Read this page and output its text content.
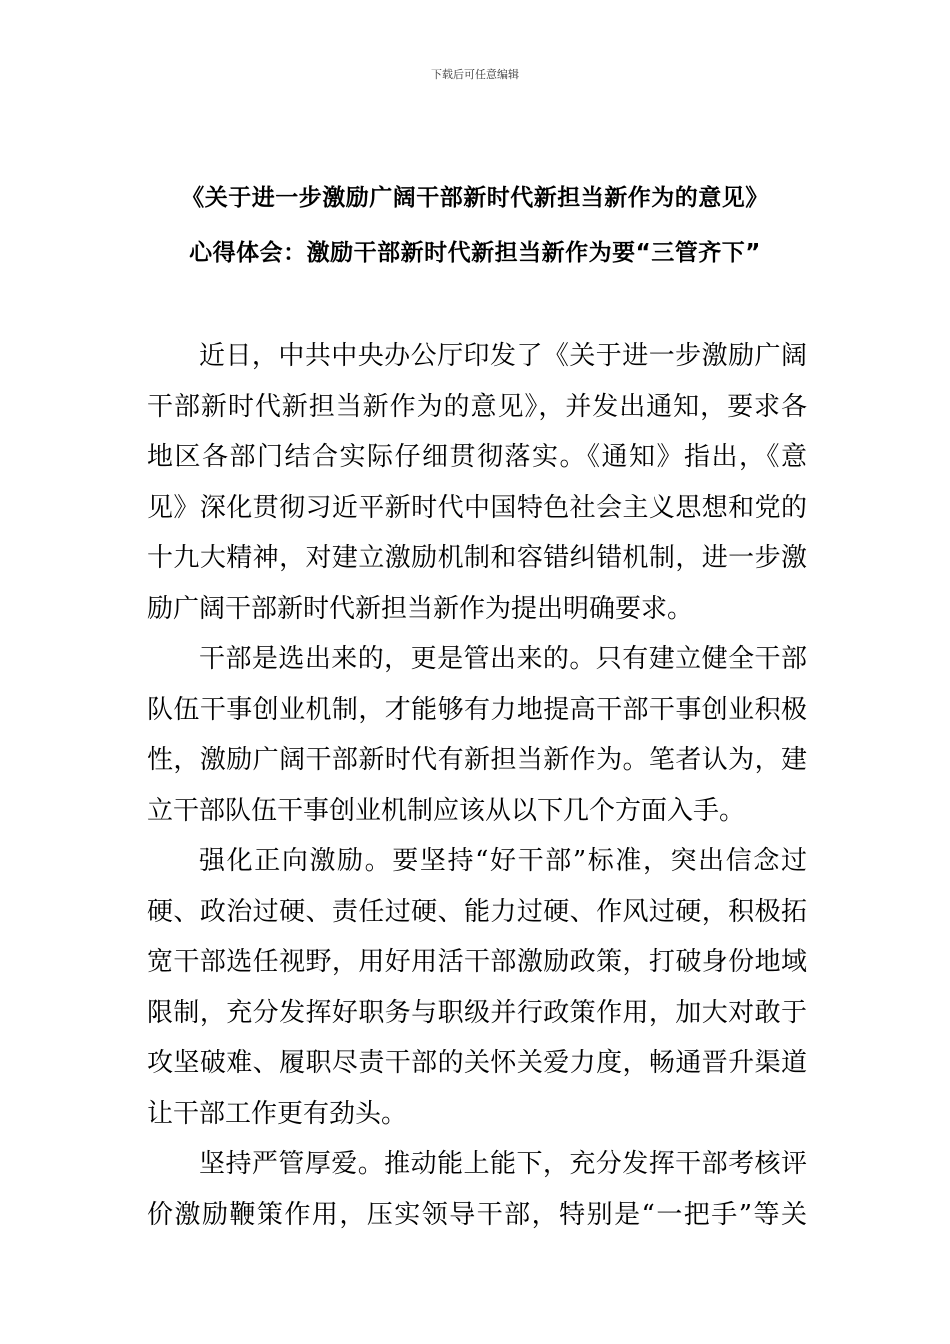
下载后可任意编辑
《关于进一步激励广阔干部新时代新担当新作为的意见》
心得体会：激励干部新时代新担当新作为要“三管齐下”
近日，中共中央办公厅印发了《关于进一步激励广阔
干部新时代新担当新作为的意见》，并发出通知，要求各
地区各部门结合实际仔细贯彻落实。《通知》指出，《意
见》深化贯彻习近平新时代中国特色社会主义思想和党的
十九大精神，对建立激励机制和容错纠错机制，进一步激
励广阔干部新时代新担当新作为提出明确要求。
干部是选出来的，更是管出来的。只有建立健全干部
队伍干事创业机制，才能够有力地提高干部干事创业积极
性，激励广阔干部新时代有新担当新作为。笔者认为，建
立干部队伍干事创业机制应该从以下几个方面入手。
强化正向激励。要坚持“好干部”标准，突出信念过
硬、政治过硬、责任过硬、能力过硬、作风过硬，积极拓
宽干部选任视野，用好用活干部激励政策，打破身份地域
限制，充分发挥好职务与职级并行政策作用，加大对敢于
攻坚破难、履职尽责干部的关怀关爱力度，畅通晋升渠道
让干部工作更有劲头。
坚持严管厚爱。推动能上能下，充分发挥干部考核评
价激励鞭策作用，压实领导干部，特别是“一把手”等关
